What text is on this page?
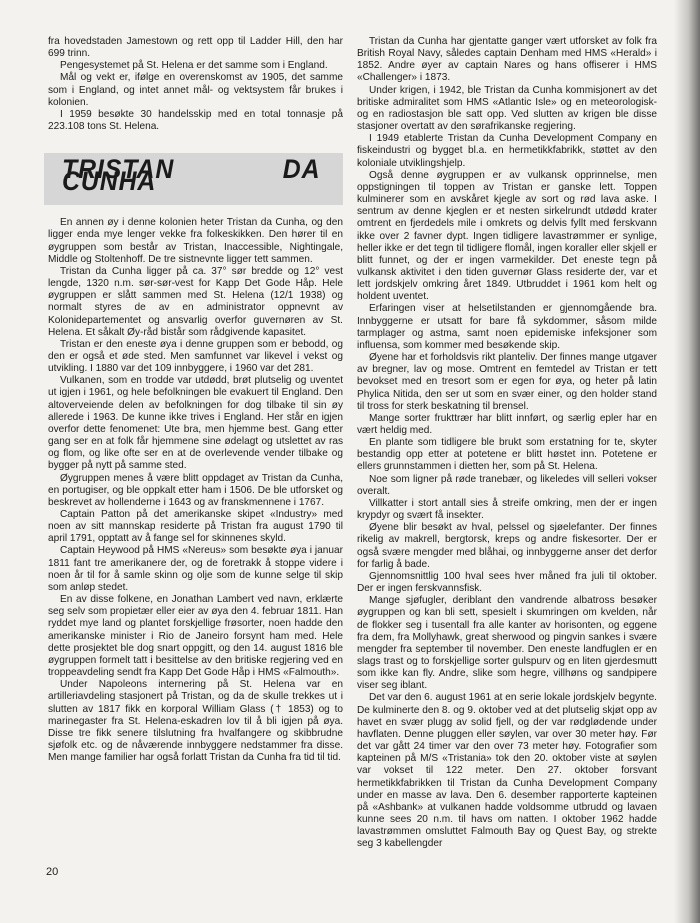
fra hovedstaden Jamestown og rett opp til Ladder Hill, den har 699 trinn.

Pengesystemet på St. Helena er det samme som i England.

Mål og vekt er, ifølge en overenskomst av 1905, det samme som i England, og intet annet mål- og vektsystem får brukes i kolonien.

I 1959 besøkte 30 handelsskip med en total tonnasje på 223.108 tons St. Helena.

TRISTAN DA CUNHA

En annen øy i denne kolonien heter Tristan da Cunha, og den ligger enda mye lenger vekke fra folkeskikken. Den hører til en øygruppen som består av Tristan, Inaccessible, Nightingale, Middle og Stoltenhoff. De tre sistnevnte ligger tett sammen.

Tristan da Cunha ligger på ca. 37° sør bredde og 12° vest lengde, 1320 n.m. sør-sør-vest for Kapp Det Gode Håp. Hele øygruppen er slått sammen med St. Helena (12/1 1938) og normalt styres de av en administrator oppnevnt av Kolonidepartementet og ansvarlig overfor guvernøren av St. Helena. Et såkalt Øy-råd bistår som rådgivende kapasitet.

Tristan er den eneste øya i denne gruppen som er bebodd, og den er også et øde sted. Men samfunnet var likevel i vekst og utvikling. I 1880 var det 109 innbyggere, i 1960 var det 281.

Vulkanen, som en trodde var utdødd, brøt plutselig og uventet ut igjen i 1961, og hele befolkningen ble evakuert til England. Den altoverveiende delen av befolkningen for dog tilbake til sin øy allerede i 1963. De kunne ikke trives i England. Her står en igjen overfor dette fenomenet: Ute bra, men hjemme best. Gang etter gang ser en at folk får hjemmene sine ødelagt og utslettet av ras og flom, og like ofte ser en at de overlevende vender tilbake og bygger på nytt på samme sted.

Øygruppen menes å være blitt oppdaget av Tristan da Cunha, en portugiser, og ble oppkalt etter ham i 1506. De ble utforsket og beskrevet av hollenderne i 1643 og av franskmennene i 1767.

Captain Patton på det amerikanske skipet «Industry» med noen av sitt mannskap residerte på Tristan fra august 1790 til april 1791, opptatt av å fange sel for skinnenes skyld.

Captain Heywood på HMS «Nereus» som besøkte øya i januar 1811 fant tre amerikanere der, og de foretrakk å stoppe videre i noen år til for å samle skinn og olje som de kunne selge til skip som anløp stedet.

En av disse folkene, en Jonathan Lambert ved navn, erklærte seg selv som propietær eller eier av øya den 4. februar 1811. Han ryddet mye land og plantet forskjellige frøsorter, noen hadde den amerikanske minister i Rio de Janeiro forsynt ham med. Hele dette prosjektet ble dog snart oppgitt, og den 14. august 1816 ble øygruppen formelt tatt i besittelse av den britiske regjering ved en troppeavdeling sendt fra Kapp Det Gode Håp i HMS «Falmouth».

Under Napoleons internering på St. Helena var en artilleriavdeling stasjonert på Tristan, og da de skulle trekkes ut i slutten av 1817 fikk en korporal William Glass († 1853) og to marinegaster fra St. Helena-eskadren lov til å bli igjen på øya. Disse tre fikk senere tilslutning fra hvalfangere og skibbrudne sjøfolk etc. og de nåværende innbyggere nedstammer fra disse. Men mange familier har også forlatt Tristan da Cunha fra tid til tid.

Tristan da Cunha har gjentatte ganger vært utforsket av folk fra British Royal Navy, således captain Denham med HMS «Herald» i 1852. Andre øyer av captain Nares og hans offiserer i HMS «Challenger» i 1873.

Under krigen, i 1942, ble Tristan da Cunha kommisjonert av det britiske admiralitet som HMS «Atlantic Isle» og en meteorologisk- og en radiostasjon ble satt opp. Ved slutten av krigen ble disse stasjoner overtatt av den sørafrikanske regjering.

I 1949 etablerte Tristan da Cunha Development Company en fiskeindustri og bygget bl.a. en hermetikkfabrikk, støttet av den koloniale utviklingshjelp.

Også denne øygruppen er av vulkansk opprinnelse, men oppstigningen til toppen av Tristan er ganske lett. Toppen kulminerer som en avskåret kjegle av sort og rød lava aske. I sentrum av denne kjeglen er et nesten sirkelrundt utdødd krater omtrent en fjerdedels mile i omkrets og delvis fyllt med ferskvann ikke over 2 favner dypt. Ingen tidligere lavastrømmer er synlige, heller ikke er det tegn til tidligere flomål, ingen koraller eller skjell er blitt funnet, og der er ingen varmekilder. Det eneste tegn på vulkansk aktivitet i den tiden guvernør Glass residerte der, var et lett jordskjelv omkring året 1849. Utbruddet i 1961 kom helt og holdent uventet.

Erfaringen viser at helsetilstanden er gjennomgående bra. Innbyggerne er utsatt for bare få sykdommer, såsom milde tarmplager og astma, samt noen epidemiske infeksjoner som influensa, som kommer med besøkende skip.

Øyene har et forholdsvis rikt planteliv. Der finnes mange utgaver av bregner, lav og mose. Omtrent en femtedel av Tristan er tett bevokset med en tresort som er egen for øya, og heter på latin Phylica Nitida, den ser ut som en svær einer, og den holder stand til tross for sterk beskatning til brensel.

Mange sorter frukttrær har blitt innført, og særlig epler har en vært heldig med.

En plante som tidligere ble brukt som erstatning for te, skyter bestandig opp etter at potetene er blitt høstet inn. Potetene er ellers grunnstammen i dietten her, som på St. Helena.

Noe som ligner på røde tranebær, og likeledes vill selleri vokser overalt.

Villkatter i stort antall sies å streife omkring, men der er ingen krypdyr og svært få insekter.

Øyene blir besøkt av hval, pelssel og sjøelefanter. Der finnes rikelig av makrell, bergtorsk, kreps og andre fiskesorter. Der er også svære mengder med blåhai, og innbyggerne anser det derfor for farlig å bade.

Gjennomsnittlig 100 hval sees hver måned fra juli til oktober. Der er ingen ferskvannsfisk.

Mange sjøfugler, deriblant den vandrende albatross besøker øygruppen og kan bli sett, spesielt i skumringen om kvelden, når de flokker seg i tusentall fra alle kanter av horisonten, og eggene fra dem, fra Mollyhawk, great sherwood og pingvin sankes i svære mengder fra september til november. Den eneste landfuglen er en slags trast og to forskjellige sorter gulspurv og en liten gjerdesmutt som ikke kan fly. Andre, slike som hegre, villhøns og sandpipere viser seg iblant.

Det var den 6. august 1961 at en serie lokale jordskjelv begynte. De kulminerte den 8. og 9. oktober ved at det plutselig skjøt opp av havet en svær plugg av solid fjell, og der var rødglødende under havflaten. Denne pluggen eller søylen, var over 30 meter høy. Før det var gått 24 timer var den over 73 meter høy. Fotografier som kapteinen på M/S «Tristania» tok den 20. oktober viste at søylen var vokset til 122 meter. Den 27. oktober forsvant hermetikkfabrikken til Tristan da Cunha Development Company under en masse av lava. Den 6. desember rapporterte kapteinen på «Ashbank» at vulkanen hadde voldsomme utbrudd og lavaen kunne sees 20 n.m. til havs om natten. I oktober 1962 hadde lavastrømmen omsluttet Falmouth Bay og Quest Bay, og strekte seg 3 kabellengder

20
